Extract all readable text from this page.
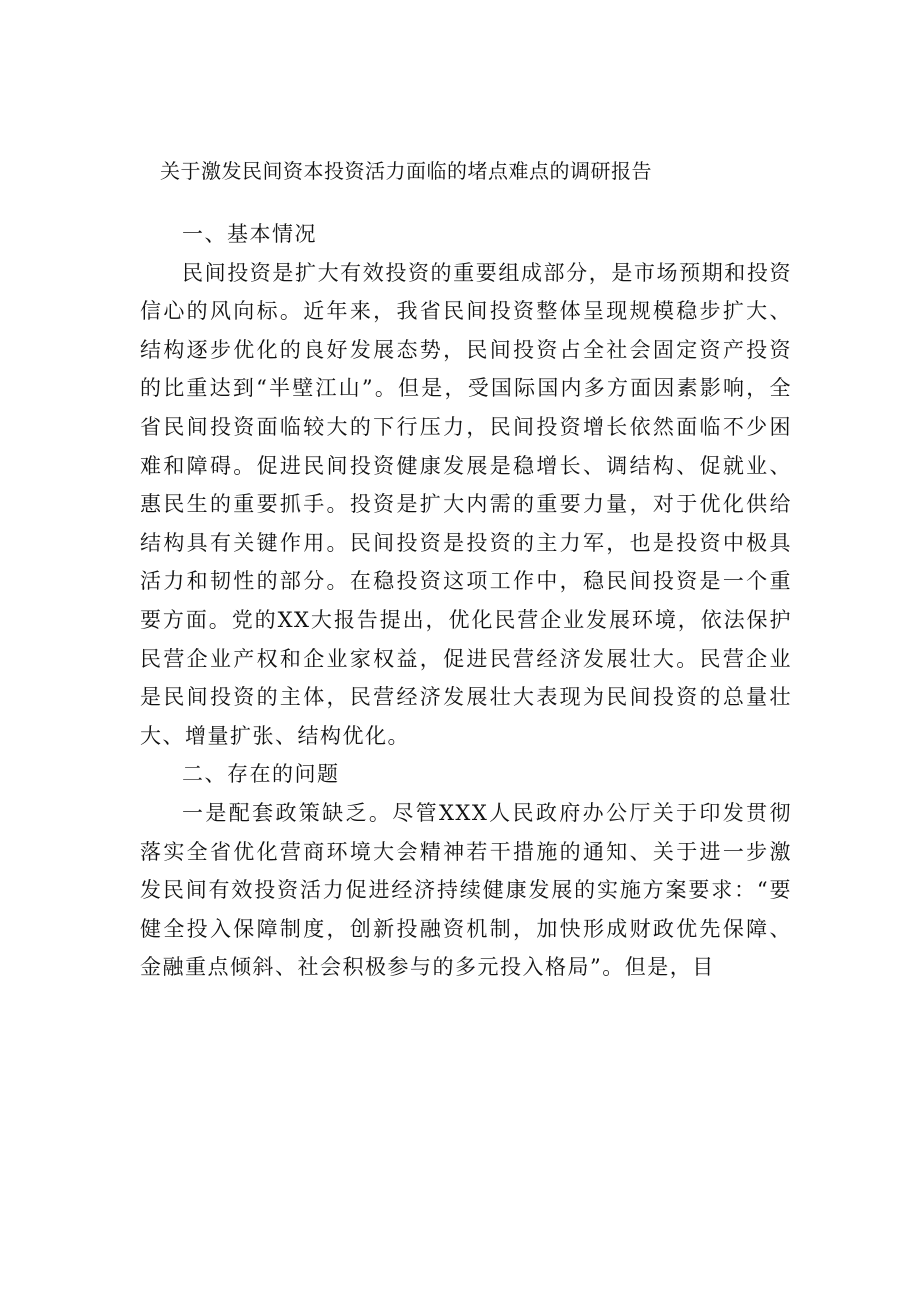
关于激发民间资本投资活力面临的堵点难点的调研报告

一、基本情况

民间投资是扩大有效投资的重要组成部分，是市场预期和投资信心的风向标。近年来，我省民间投资整体呈现规模稳步扩大、结构逐步优化的良好发展态势，民间投资占全社会固定资产投资的比重达到“半壁江山”。但是，受国际国内多方面因素影响，全省民间投资面临较大的下行压力，民间投资增长依然面临不少困难和障碍。促进民间投资健康发展是稳增长、调结构、促就业、惠民生的重要抓手。投资是扩大内需的重要力量，对于优化供给结构具有关键作用。民间投资是投资的主力军，也是投资中极具活力和韧性的部分。在稳投资这项工作中，稳民间投资是一个重要方面。党的XX大报告提出，优化民营企业发展环境，依法保护民营企业产权和企业家权益，促进民营经济发展壮大。民营企业是民间投资的主体，民营经济发展壮大表现为民间投资的总量壮大、增量扩张、结构优化。

二、存在的问题

一是配套政策缺乏。尽管XXX人民政府办公厅关于印发贯彻落实全省优化营商环境大会精神若干措施的通知、关于进一步激发民间有效投资活力促进经济持续健康发展的实施方案要求：“要健全投入保障制度，创新投融资机制，加快形成财政优先保障、金融重点倾斜、社会积极参与的多元投入格局”。但是，目
